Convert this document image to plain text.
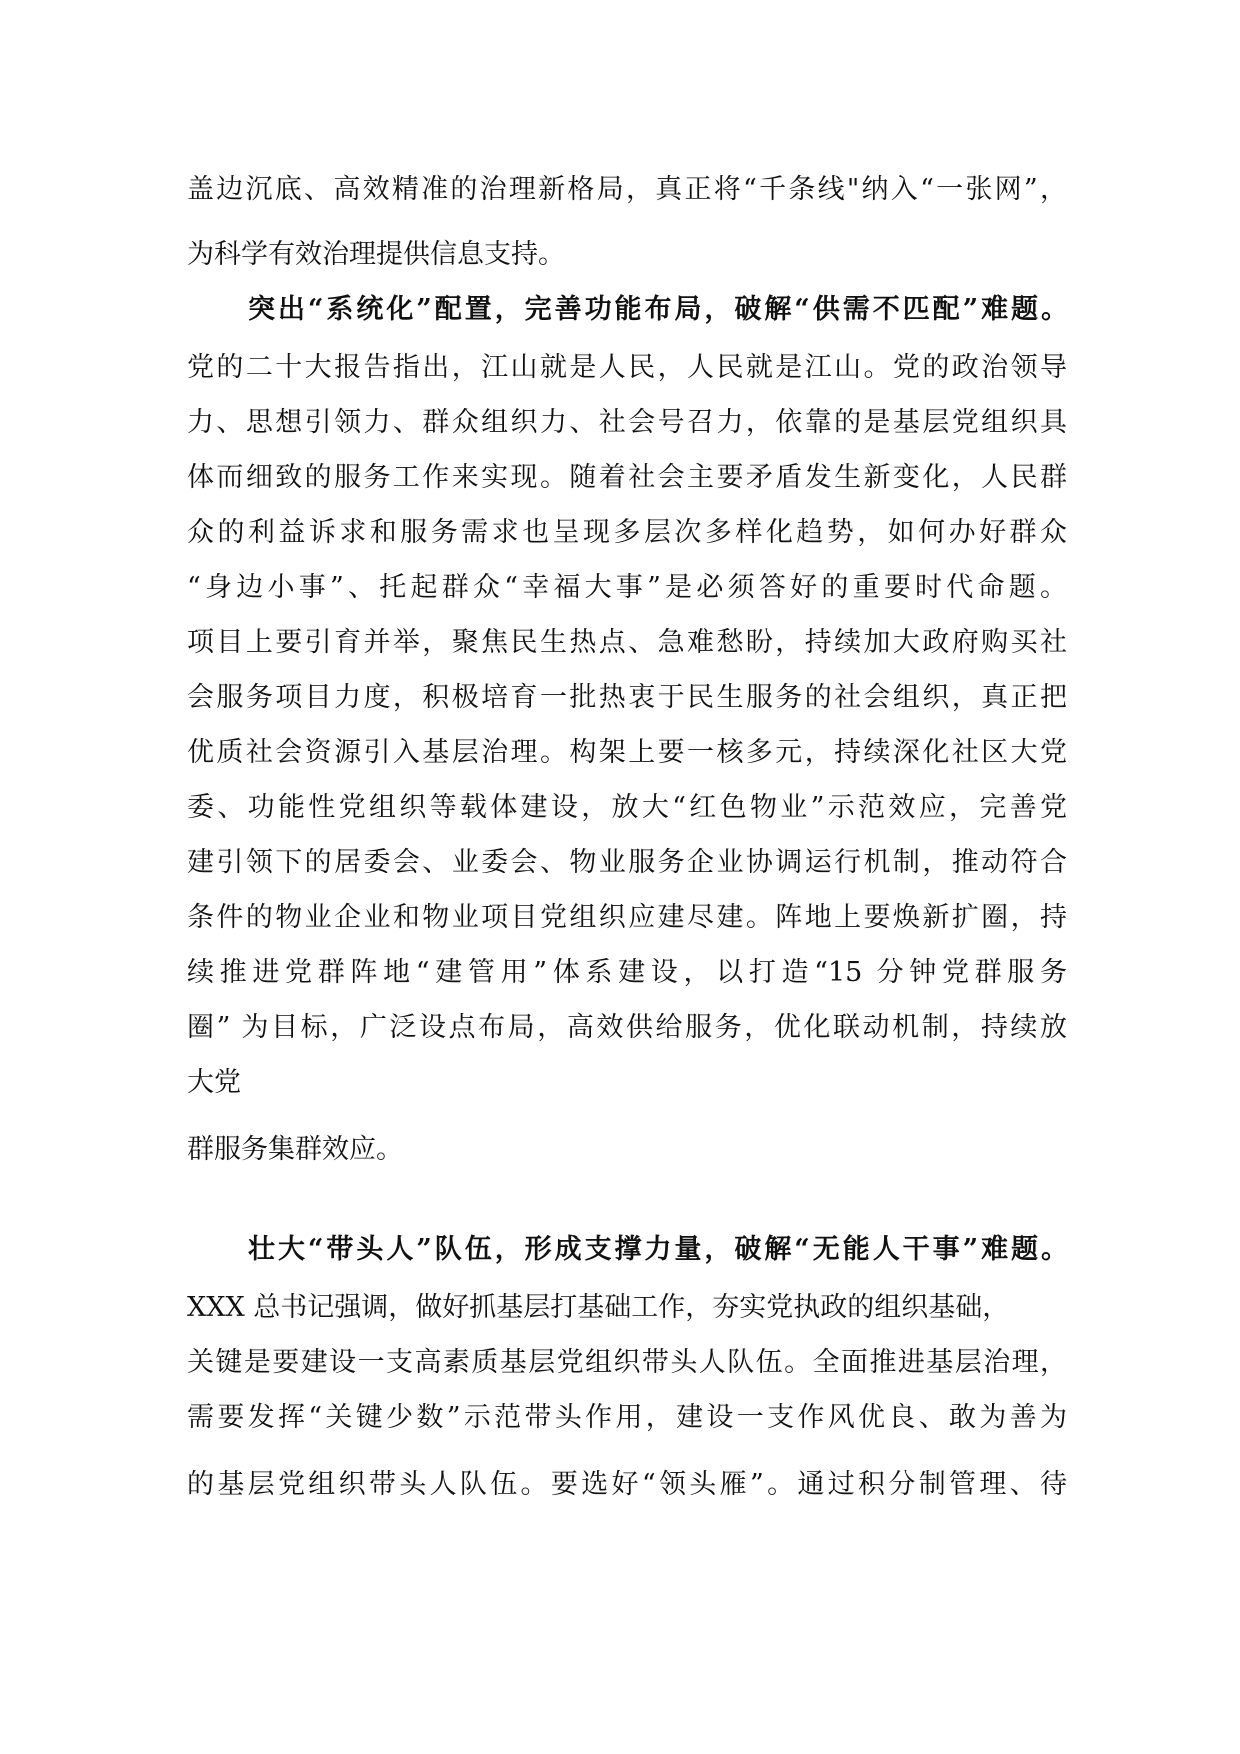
盖边沉底、高效精准的治理新格局，真正将“千条线"纳入“一张网”，
为科学有效治理提供信息支持。
突出“系统化”配置，完善功能布局，破解“供需不匹配”难题。
党的二十大报告指出，江山就是人民，人民就是江山。党的政治领导
力、思想引领力、群众组织力、社会号召力，依靠的是基层党组织具
体而细致的服务工作来实现。随着社会主要矛盾发生新变化，人民群
众的利益诉求和服务需求也呈现多层次多样化趋势，如何办好群众
“身边小事”、托起群众“幸福大事”是必须答好的重要时代命题。
项目上要引育并举，聚焦民生热点、急难愁盼，持续加大政府购买社
会服务项目力度，积极培育一批热衷于民生服务的社会组织，真正把
优质社会资源引入基层治理。构架上要一核多元，持续深化社区大党
委、功能性党组织等载体建设，放大“红色物业”示范效应，完善党
建引领下的居委会、业委会、物业服务企业协调运行机制，推动符合
条件的物业企业和物业项目党组织应建尽建。阵地上要焕新扩圈，持
续推进党群阵地“建管用”体系建设，以打造“15 分钟党群服务
圈” 为目标，广泛设点布局，高效供给服务，优化联动机制，持续放
大党
群服务集群效应。
壮大“带头人”队伍，形成支撑力量，破解“无能人干事”难题。
XXX 总书记强调，做好抓基层打基础工作，夯实党执政的组织基础，
关键是要建设一支高素质基层党组织带头人队伍。全面推进基层治理，
需要发挥“关键少数”示范带头作用，建设一支作风优良、敢为善为
的基层党组织带头人队伍。要选好“领头雁”。通过积分制管理、待
